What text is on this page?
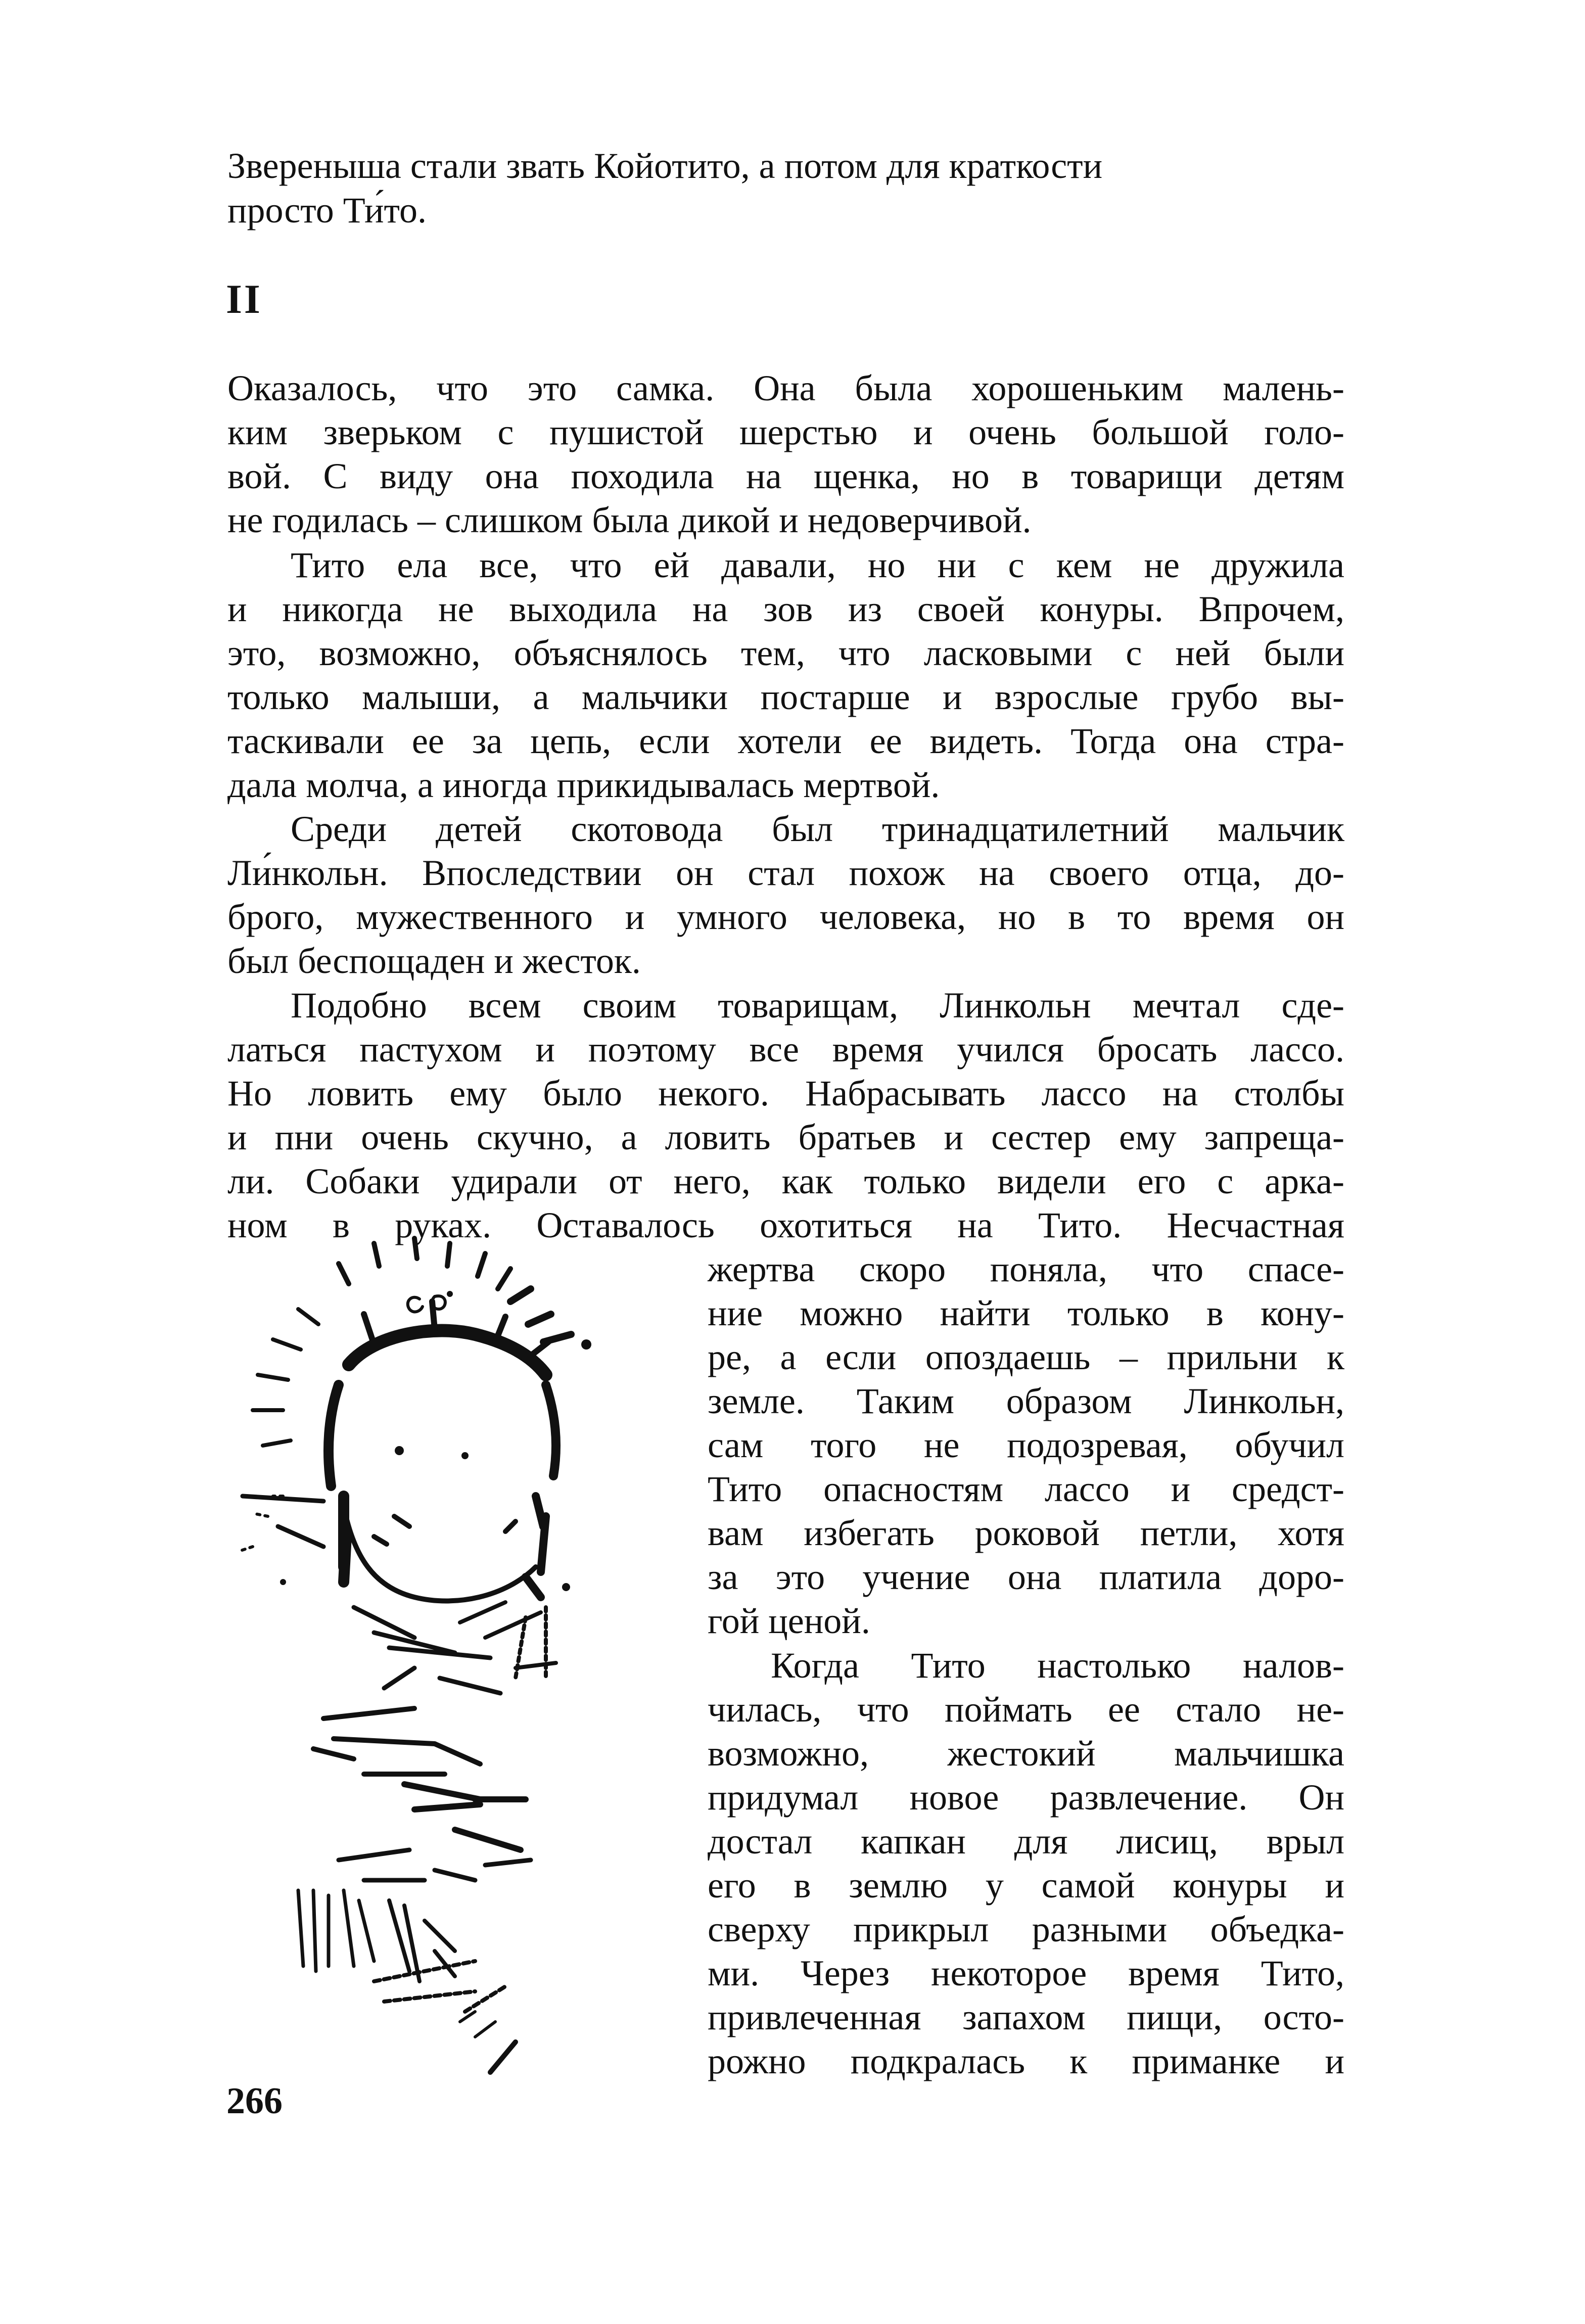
Звереныша стали звать Койотито, а потом для краткости
просто Ти́то.
Оказалось, что это самка. Она была хорошеньким малень-
ким зверьком с пушистой шерстью и очень большой голо-
вой. С виду она походила на щенка, но в товарищи детям
не годилась – слишком была дикой и недоверчивой.
Тито ела все, что ей давали, но ни с кем не дружила
и никогда не выходила на зов из своей конуры. Впрочем,
это, возможно, объяснялось тем, что ласковыми с ней были
только малыши, а мальчики постарше и взрослые грубо вы-
таскивали ее за цепь, если хотели ее видеть. Тогда она стра-
дала молча, а иногда прикидывалась мертвой.
Среди детей скотовода был тринадцатилетний мальчик
Ли́нкольн. Впоследствии он стал похож на своего отца, до-
брого, мужественного и умного человека, но в то время он
был беспощаден и жесток.
Подобно всем своим товарищам, Линкольн мечтал сде-
латься пастухом и поэтому все время учился бросать лассо.
Но ловить ему было некого. Набрасывать лассо на столбы
и пни очень скучно, а ловить братьев и сестер ему запреща-
ли. Собаки удирали от него, как только видели его с арка-
ном в руках. Оставалось охотиться на Тито. Несчастная
жертва скоро поняла, что спасе-
ние можно найти только в кону-
ре, а если опоздаешь – прильни к
земле. Таким образом Линкольн,
сам того не подозревая, обучил
Тито опасностям лассо и средст-
вам избегать роковой петли, хотя
за это учение она платила доро-
гой ценой.
Когда Тито настолько налов-
чилась, что поймать ее стало не-
возможно, жестокий мальчишка
придумал новое развлечение. Он
достал капкан для лисиц, врыл
его в землю у самой конуры и
сверху прикрыл разными объедка-
ми. Через некоторое время Тито,
привлеченная запахом пищи, осто-
рожно подкралась к приманке и
II
266
